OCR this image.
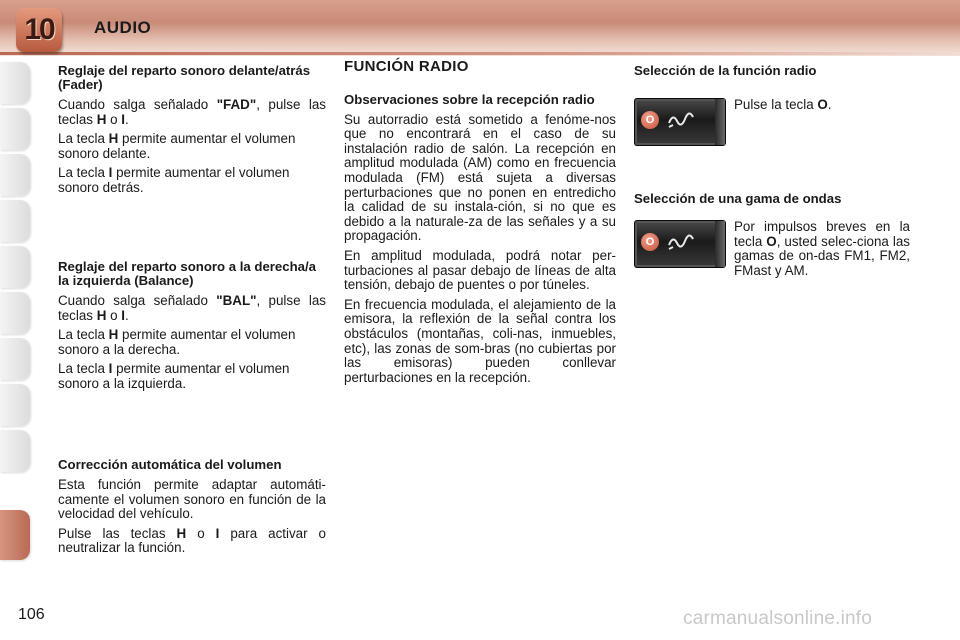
10 AUDIO
Reglaje del reparto sonoro delante/atrás (Fader)

Cuando salga señalado "FAD", pulse las teclas H o I.

La tecla H permite aumentar el volumen sonoro delante.

La tecla I permite aumentar el volumen sonoro detrás.

Reglaje del reparto sonoro a la derecha/a la izquierda (Balance)

Cuando salga señalado "BAL", pulse las teclas H o I.

La tecla H permite aumentar el volumen sonoro a la derecha.

La tecla I permite aumentar el volumen sonoro a la izquierda.

Corrección automática del volumen

Esta función permite adaptar automáti-camente el volumen sonoro en función de la velocidad del vehículo.

Pulse las teclas H o I para activar o neutralizar la función.

FUNCIÓN RADIO
Observaciones sobre la recepción radio

Su autorradio está sometido a fenóme-nos que no encontrará en el caso de su instalación radio de salón. La recepción en amplitud modulada (AM) como en frecuencia modulada (FM) está sujeta a diversas perturbaciones que no ponen en entredicho la calidad de su instala-ción, si no que es debido a la naturale-za de las señales y a su propagación.

En amplitud modulada, podrá notar per-turbaciones al pasar debajo de líneas de alta tensión, debajo de puentes o por túneles.

En frecuencia modulada, el alejamiento de la emisora, la reflexión de la señal contra los obstáculos (montañas, coli-nas, inmuebles, etc), las zonas de som-bras (no cubiertas por las emisoras) pueden conllevar perturbaciones en la recepción.

Selección de la función radio
O
Pulse la tecla O.
Selección de una gama de ondas
O
Por impulsos breves en la tecla O, usted selec-ciona las gamas de on-das FM1, FM2, FMast y AM.
106	carmanualsonline.info
